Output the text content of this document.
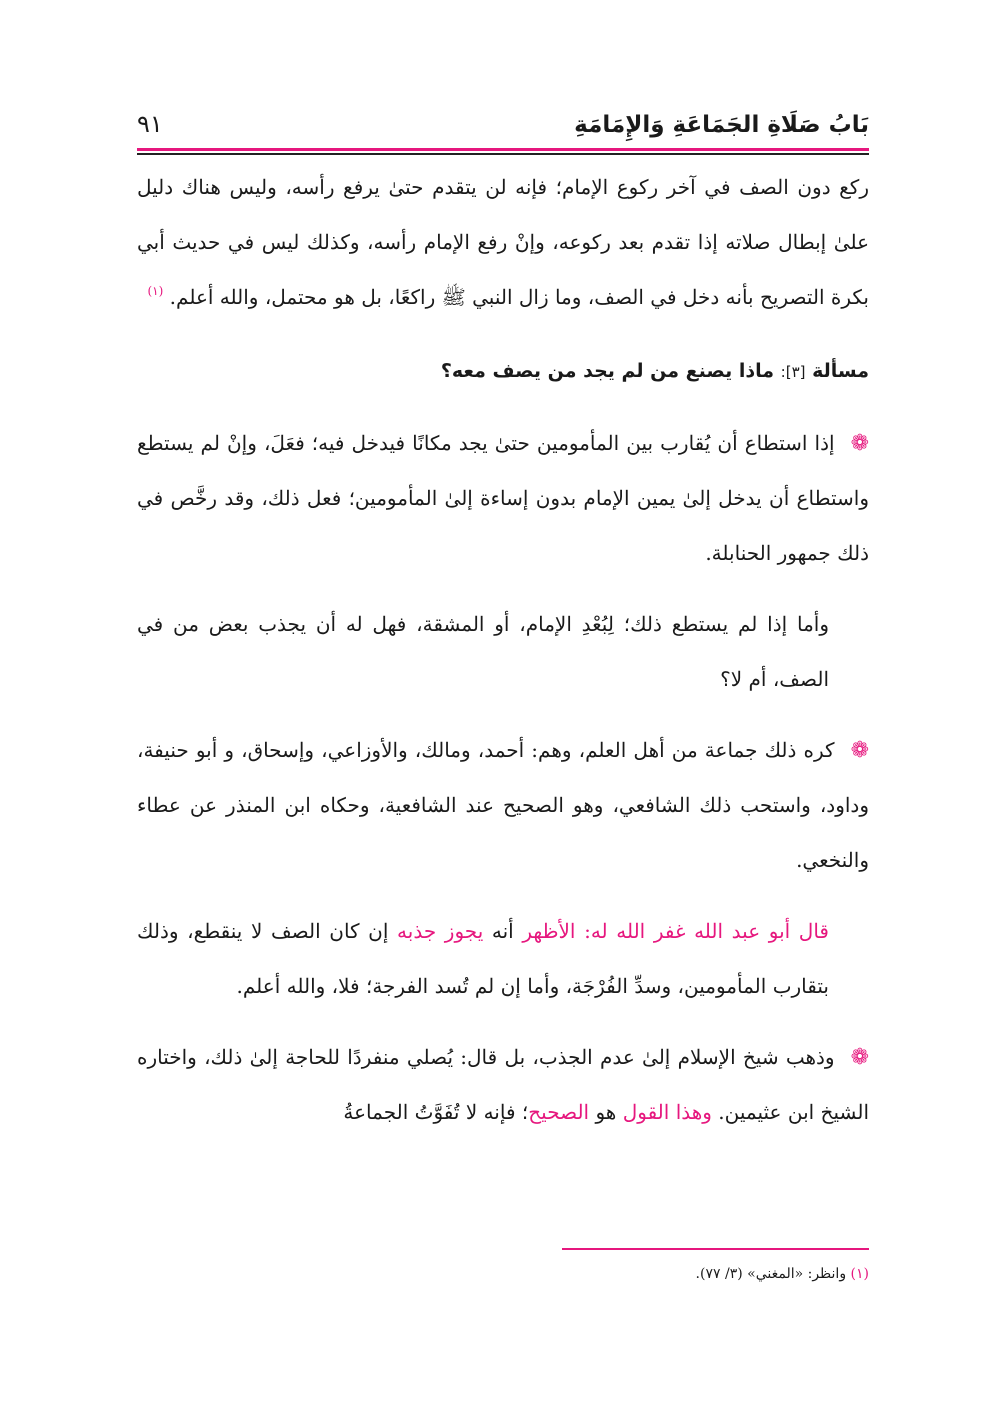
بَابُ صَلَاةِ الجَمَاعَةِ وَالإِمَامَةِ
٩١

ركع دون الصف في آخر ركوع الإمام؛ فإنه لن يتقدم حتىٰ يرفع رأسه، وليس هناك دليل علىٰ إبطال صلاته إذا تقدم بعد ركوعه، وإنْ رفع الإمام رأسه، وكذلك ليس في حديث أبي بكرة التصريح بأنه دخل في الصف، وما زال النبي ﷺ راكعًا، بل هو محتمل، والله أعلم. $^{(١)}$

مسألة [٣]: ماذا يصنع من لم يجد من يصف معه؟

❁إذا استطاع أن يُقارب بين المأمومين حتىٰ يجد مكانًا فيدخل فيه؛ فعَلَ، وإنْ لم يستطع واستطاع أن يدخل إلىٰ يمين الإمام بدون إساءة إلىٰ المأمومين؛ فعل ذلك، وقد رخَّص في ذلك جمهور الحنابلة.

وأما إذا لم يستطع ذلك؛ لِبُعْدِ الإمام، أو المشقة، فهل له أن يجذب بعض من في الصف، أم لا؟

❁كره ذلك جماعة من أهل العلم، وهم: أحمد، ومالك، والأوزاعي، وإسحاق، و أبو حنيفة، وداود، واستحب ذلك الشافعي، وهو الصحيح عند الشافعية، وحكاه ابن المنذر عن عطاء والنخعي.

قال أبو عبد الله غفر الله له: الأظهر أنه يجوز جذبه إن كان الصف لا ينقطع، وذلك بتقارب المأمومين، وسدِّ الفُرْجَة، وأما إن لم تُسد الفرجة؛ فلا، والله أعلم.

❁وذهب شيخ الإسلام إلىٰ عدم الجذب، بل قال: يُصلي منفردًا للحاجة إلىٰ ذلك، واختاره الشيخ ابن عثيمين. وهذا القول هو الصحيح؛ فإنه لا تُفَوَّتُ الجماعةُ

(١) وانظر: «المغني» (٣/ ٧٧).
